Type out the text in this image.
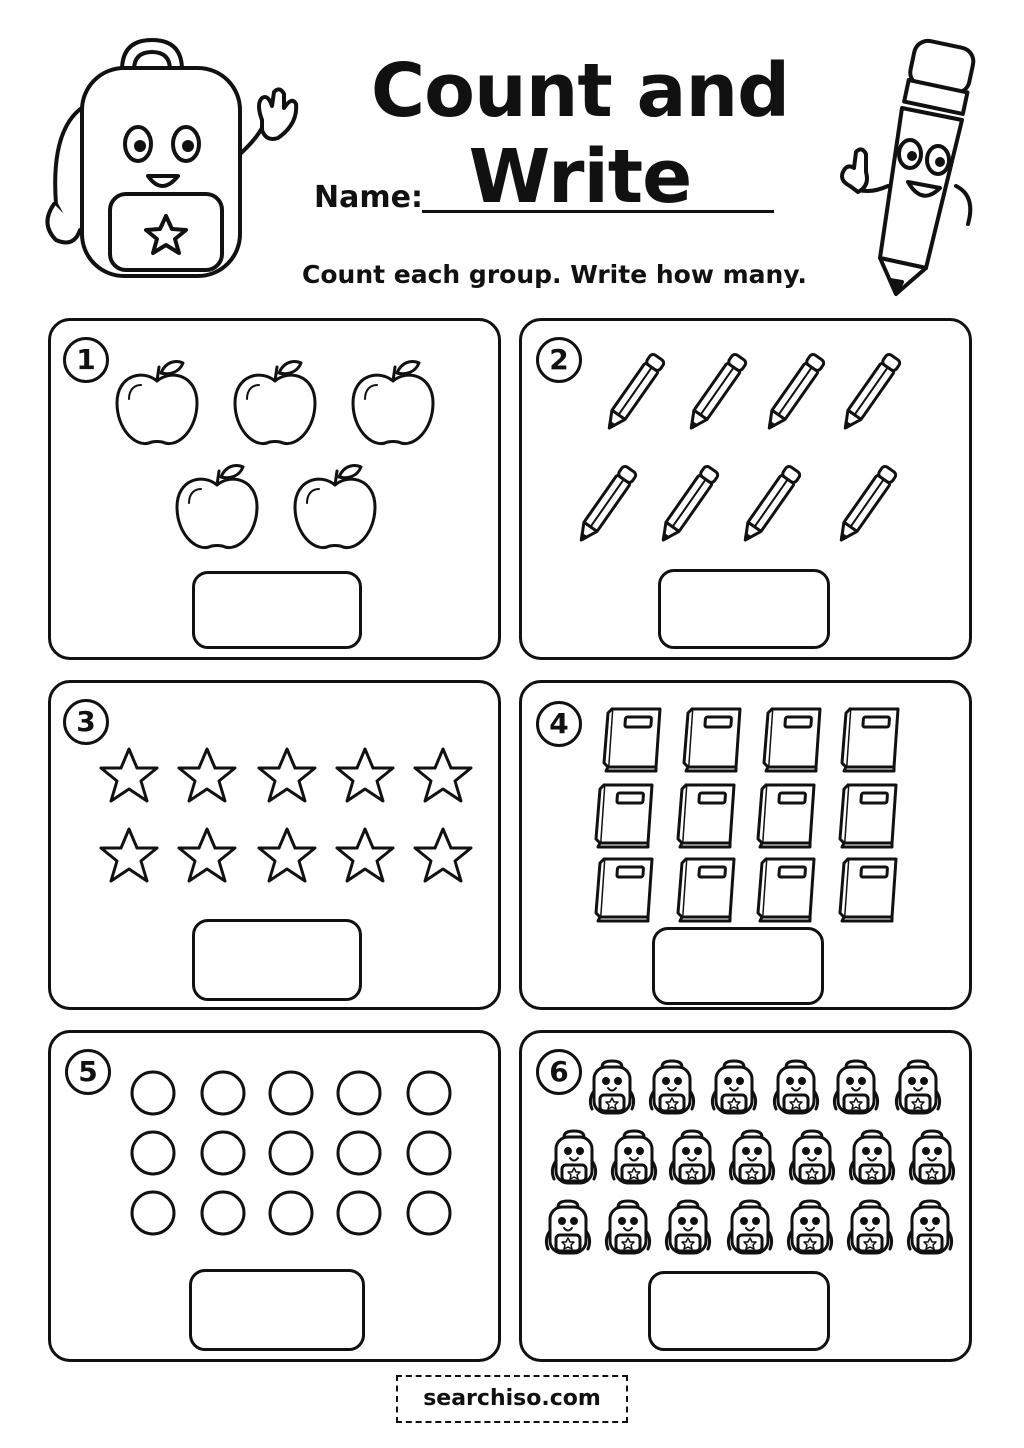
Count and Write
Name:
Count each group. Write how many.
1	2
3	4
5	6
searchiso.com
